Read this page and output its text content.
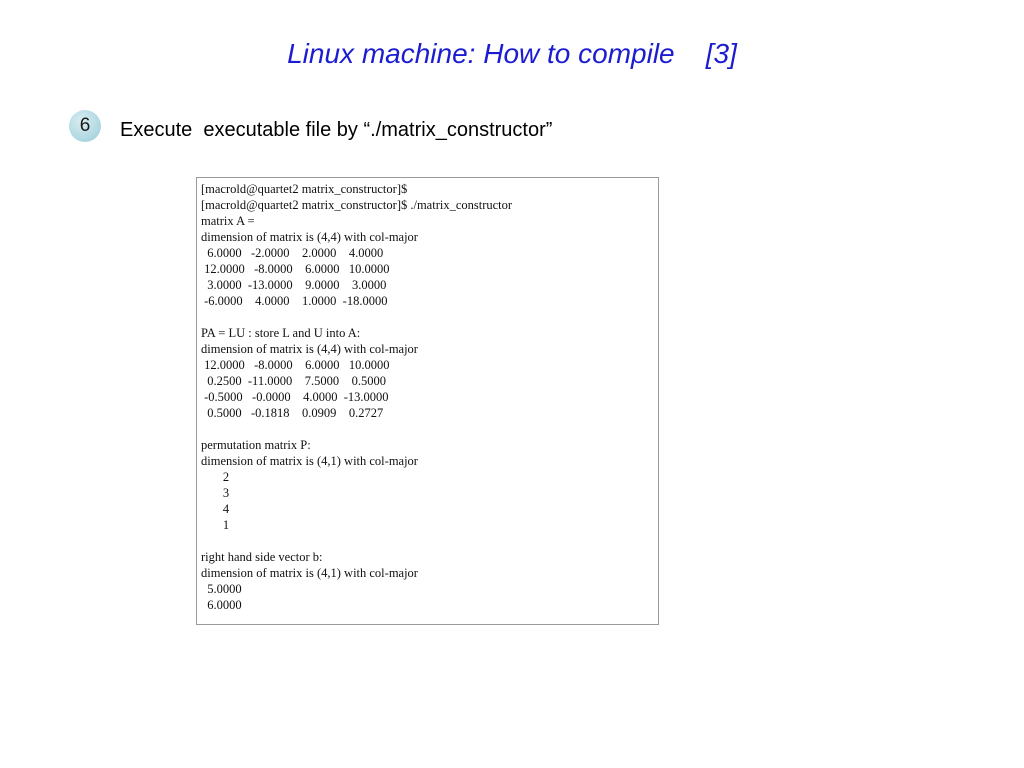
Linux machine: How to compile    [3]
6	Execute  executable file by “./matrix_constructor”
[macrold@quartet2 matrix_constructor]$
[macrold@quartet2 matrix_constructor]$ ./matrix_constructor
matrix A =
dimension of matrix is (4,4) with col-major
6.0000   -2.0000    2.0000    4.0000
12.0000   -8.0000    6.0000   10.0000
3.0000  -13.0000    9.0000    3.0000
-6.0000    4.0000    1.0000  -18.0000
PA = LU : store L and U into A:
dimension of matrix is (4,4) with col-major
12.0000   -8.0000    6.0000   10.0000
0.2500  -11.0000    7.5000    0.5000
-0.5000   -0.0000    4.0000  -13.0000
0.5000   -0.1818    0.0909    0.2727
permutation matrix P:
dimension of matrix is (4,1) with col-major
2
3
4
1
right hand side vector b:
dimension of matrix is (4,1) with col-major
5.0000
6.0000
